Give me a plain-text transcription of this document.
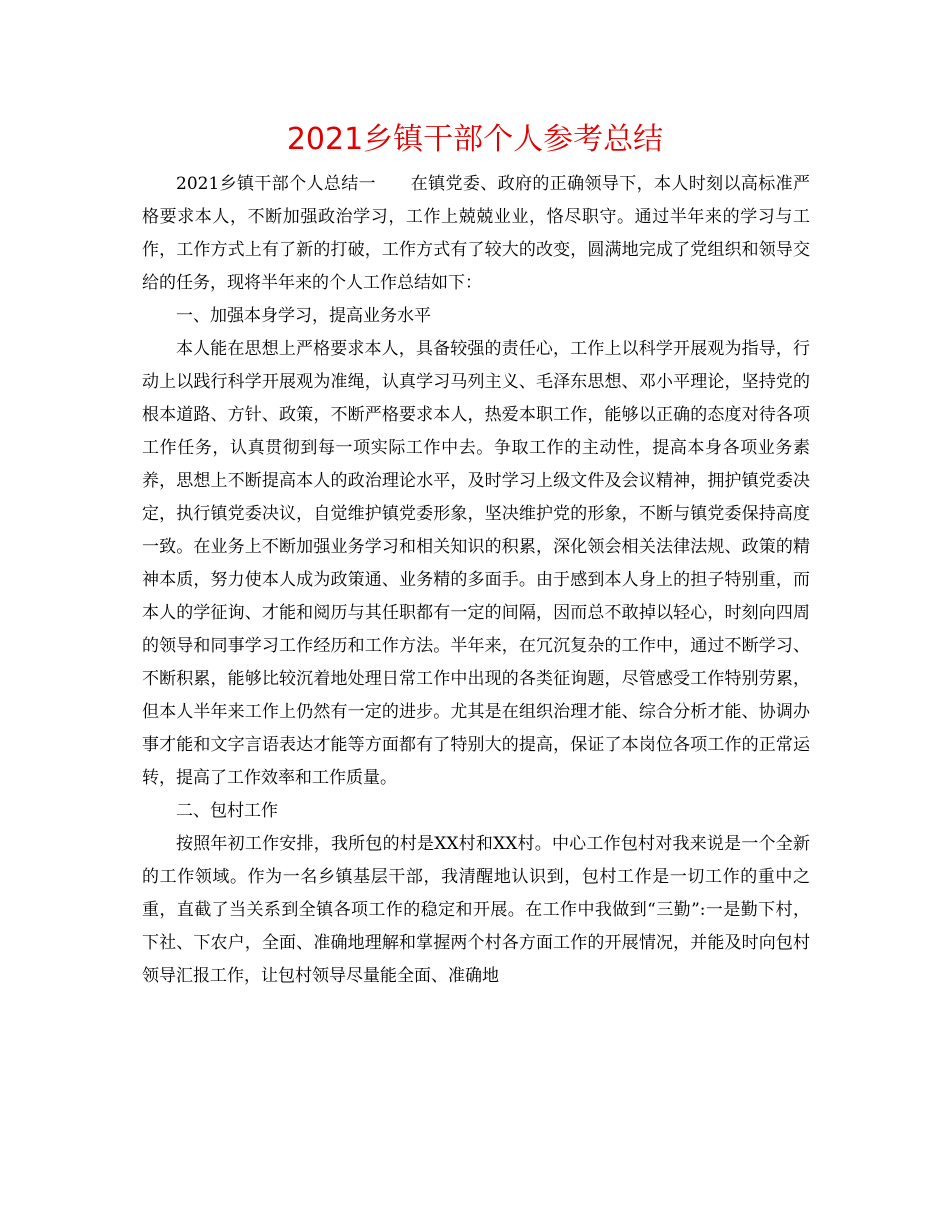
2021乡镇干部个人参考总结

2021乡镇干部个人总结一　　在镇党委、政府的正确领导下，本人时刻以高标准严格要求本人，不断加强政治学习，工作上兢兢业业，恪尽职守。通过半年来的学习与工作，工作方式上有了新的打破，工作方式有了较大的改变，圆满地完成了党组织和领导交给的任务，现将半年来的个人工作总结如下：

一、加强本身学习，提高业务水平

本人能在思想上严格要求本人，具备较强的责任心，工作上以科学开展观为指导，行动上以践行科学开展观为准绳，认真学习马列主义、毛泽东思想、邓小平理论，坚持党的根本道路、方针、政策，不断严格要求本人，热爱本职工作，能够以正确的态度对待各项工作任务，认真贯彻到每一项实际工作中去。争取工作的主动性，提高本身各项业务素养，思想上不断提高本人的政治理论水平，及时学习上级文件及会议精神，拥护镇党委决定，执行镇党委决议，自觉维护镇党委形象，坚决维护党的形象，不断与镇党委保持高度一致。在业务上不断加强业务学习和相关知识的积累，深化领会相关法律法规、政策的精神本质，努力使本人成为政策通、业务精的多面手。由于感到本人身上的担子特别重，而本人的学征询、才能和阅历与其任职都有一定的间隔，因而总不敢掉以轻心，时刻向四周的领导和同事学习工作经历和工作方法。半年来，在冗沉复杂的工作中，通过不断学习、不断积累，能够比较沉着地处理日常工作中出现的各类征询题，尽管感受工作特别劳累，但本人半年来工作上仍然有一定的进步。尤其是在组织治理才能、综合分析才能、协调办事才能和文字言语表达才能等方面都有了特别大的提高，保证了本岗位各项工作的正常运转，提高了工作效率和工作质量。

二、包村工作

按照年初工作安排，我所包的村是XX村和XX村。中心工作包村对我来说是一个全新的工作领域。作为一名乡镇基层干部，我清醒地认识到，包村工作是一切工作的重中之重，直截了当关系到全镇各项工作的稳定和开展。在工作中我做到“三勤”:一是勤下村，下社、下农户，全面、准确地理解和掌握两个村各方面工作的开展情况，并能及时向包村领导汇报工作，让包村领导尽量能全面、准确地
